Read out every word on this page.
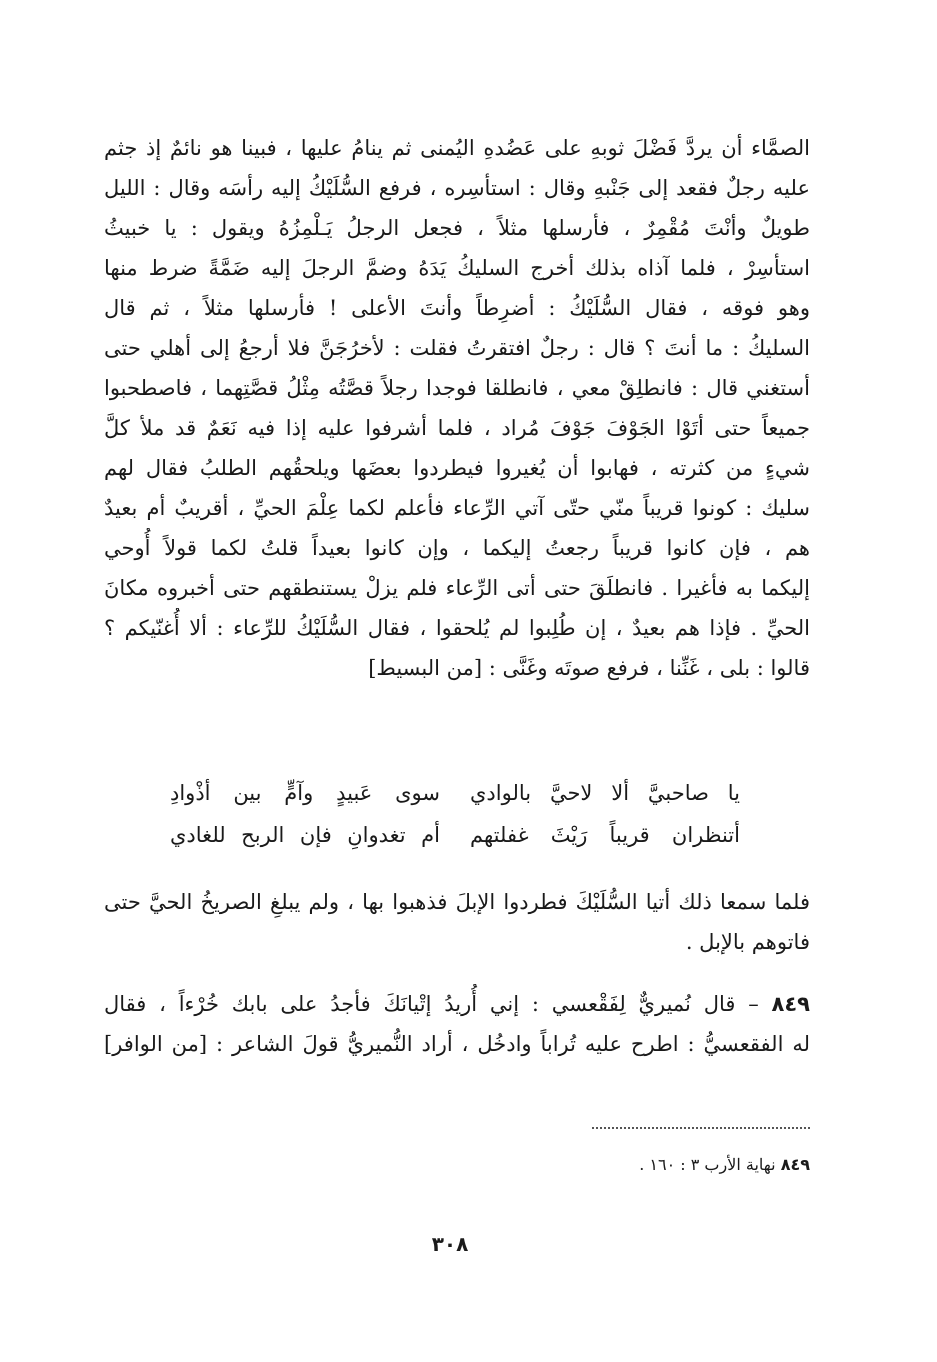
الصمَّاء أن يردَّ فَضْلَ ثوبهِ على عَضُدهِ اليُمنى ثم ينامُ عليها ، فبينا هو نائمٌ إذ جثم
عليه رجلٌ فقعد إلى جَنْبهِ وقال : استأسِره ، فرفع السُّلَيْكُ إليه رأسَه وقال : الليل
طويلٌ وأنْتَ مُقْمِرٌ ، فأرسلها مثلاً ، فجعل الرجلُ يَـلْمِزُهُ ويقول : يا خبيثُ
استأسِرْ ، فلما آذاه بذلك أخرج السليكُ يَدَهُ وضمَّ الرجلَ إليه ضَمَّةً ضرط منها
وهو فوقه ، فقال السُّلَيْكُ : أضرِطاً وأنتَ الأعلى ! فأرسلها مثلاً ، ثم قال
السليكُ : ما أنتَ ؟ قال : رجلٌ افتقرتُ فقلت : لأخرُجَنَّ فلا أرجعُ إلى أهلي حتى
أستغني قال : فانطلِقْ معي ، فانطلقا فوجدا رجلاً قصَّتُه مِثْلُ قصَّتِهما ، فاصطحبوا
جميعاً حتى أتَوْا الجَوْفَ جَوْفَ مُراد ، فلما أشرفوا عليه إذا فيه نَعَمٌ قد ملأ كلَّ
شيءٍ من كثرته ، فهابوا أن يُغيروا فيطردوا بعضَها ويلحقُهم الطلبُ فقال لهم
سليك : كونوا قريباً منّي حتّى آتي الرِّعاء فأعلم لكما عِلْمَ الحيِّ ، أقريبٌ أم بعيدٌ
هم ، فإن كانوا قريباً رجعتُ إليكما ، وإن كانوا بعيداً قلتُ لكما قولاً أُوحي
إليكما به فأغيرا . فانطلَقَ حتى أتى الرِّعاء فلم يزلْ يستنطقهم حتى أخبروه مكانَ
الحيِّ . فإذا هم بعيدٌ ، إن طُلِبوا لم يُلحقوا ، فقال السُّلَيْكُ للرِّعاء : ألا أُغنّيكم ؟
قالوا : بلى ، غَنِّنا ، فرفع صوتَه وغَنَّى : [من البسيط]
يا صاحبيَّ ألا لاحيَّ بالوادي
سوى عَبيدٍ وآمٍّ بين أذْوادِ
أتنظران قريباً رَيْثَ غفلتهم
أم تغدوانِ فإن الربح للغادي
فلما سمعا ذلك أتيا السُّلَيْكَ فطردوا الإبلَ فذهبوا بها ، ولم يبلغِ الصريخُ الحيَّ حتى
فاتوهم بالإبل .
٨٤٩ – قال نُميريٌّ لِفَقْعسي : إني أُريدُ إتْيانَكَ فأجدُ على بابك خُرْءاً ، فقال
له الفقعسيُّ : اطرح عليه تُراباً وادخُل ، أراد النُّميريُّ قولَ الشاعر : [من الوافر]
٨٤٩ نهاية الأرب ٣ : ١٦٠ .
٣٠٨
